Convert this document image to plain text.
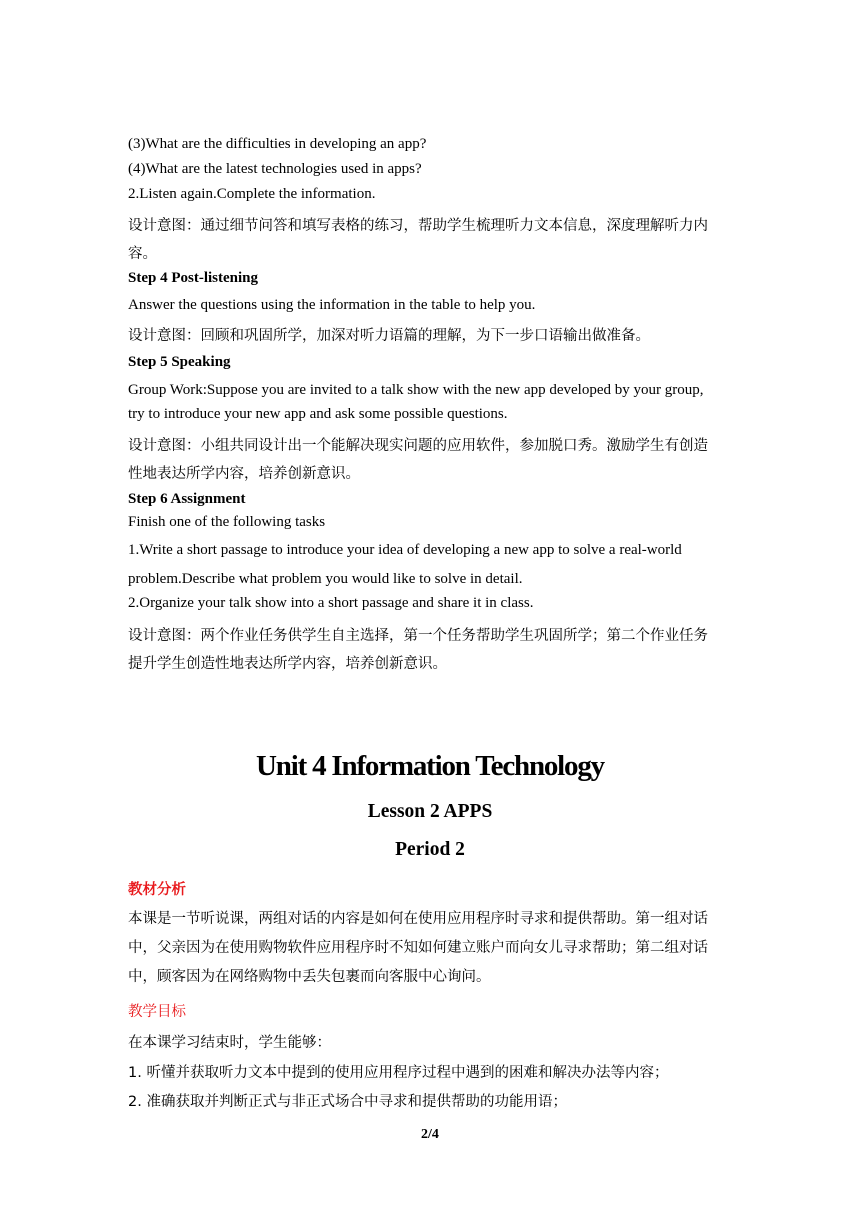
(3)What are the difficulties in developing an app?

(4)What are the latest technologies used in apps?

2.Listen again.Complete the information.

设计意图：通过细节问答和填写表格的练习，帮助学生梳理听力文本信息，深度理解听力内

容。

Step 4 Post-listening

Answer the questions using the information in the table to help you.

设计意图：回顾和巩固所学，加深对听力语篇的理解，为下一步口语输出做准备。

Step 5 Speaking

Group Work:Suppose you are invited to a talk show with the new app developed by your group,

try to introduce your new app and ask some possible questions.

设计意图：小组共同设计出一个能解决现实问题的应用软件，参加脱口秀。激励学生有创造

性地表达所学内容，培养创新意识。

Step 6 Assignment

Finish one of the following tasks

1.Write a short passage to introduce your idea of developing a new app to solve a real-world

problem.Describe what problem you would like to solve in detail.

2.Organize your talk show into a short passage and share it in class.

设计意图：两个作业任务供学生自主选择，第一个任务帮助学生巩固所学；第二个作业任务

提升学生创造性地表达所学内容，培养创新意识。

Unit 4 Information Technology

Lesson 2 APPS

Period 2

教材分析

本课是一节听说课，两组对话的内容是如何在使用应用程序时寻求和提供帮助。第一组对话

中，父亲因为在使用购物软件应用程序时不知如何建立账户而向女儿寻求帮助；第二组对话

中，顾客因为在网络购物中丢失包裹而向客服中心询问。

教学目标

在本课学习结束时，学生能够：

1. 听懂并获取听力文本中提到的使用应用程序过程中遇到的困难和解决办法等内容；

2. 准确获取并判断正式与非正式场合中寻求和提供帮助的功能用语；

2/4
